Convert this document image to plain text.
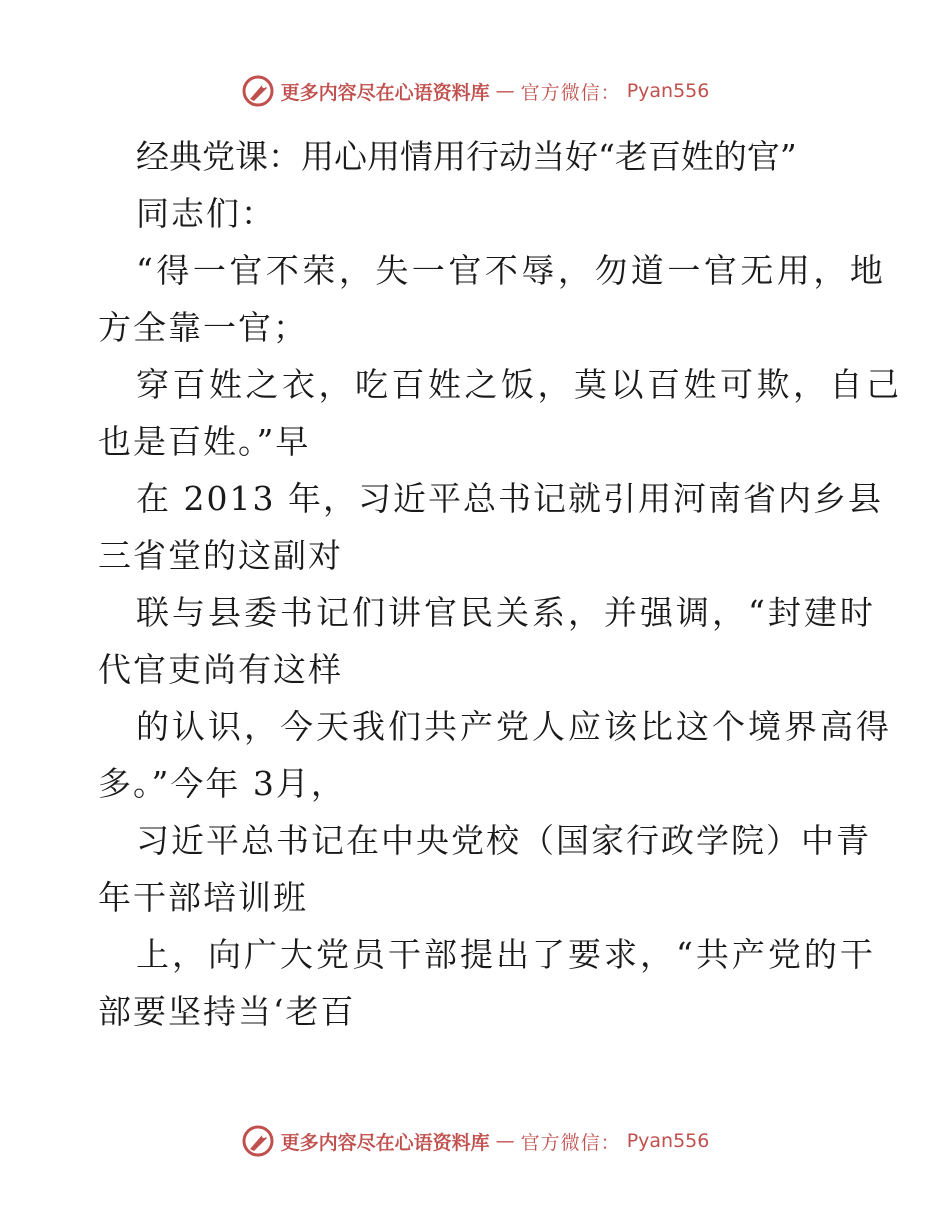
更多内容尽在心语资料库 — 官方微信： Pyan556
经典党课：用心用情用行动当好“老百姓的官”
同志们：
“得一官不荣，失一官不辱，勿道一官无用，地
方全靠一官；
穿百姓之衣，吃百姓之饭，莫以百姓可欺，自己
也是百姓。”早
在 2013 年，习近平总书记就引用河南省内乡县
三省堂的这副对
联与县委书记们讲官民关系，并强调，“封建时
代官吏尚有这样
的认识，今天我们共产党人应该比这个境界高得
多。”今年 3月，
习近平总书记在中央党校（国家行政学院）中青
年干部培训班
上，向广大党员干部提出了要求，“共产党的干
部要坚持当‘老百
更多内容尽在心语资料库 — 官方微信： Pyan556
